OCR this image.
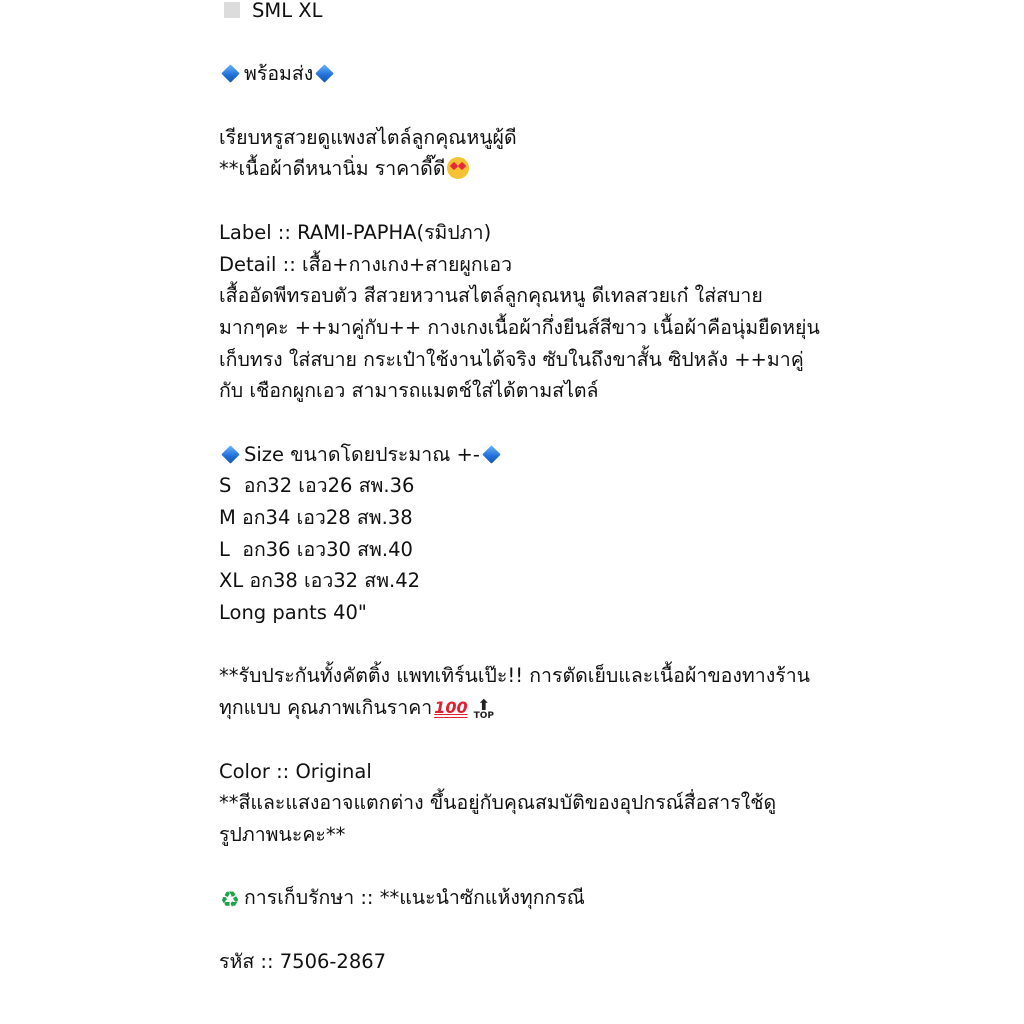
SML XL
พร้อมส่ง
เรียบหรูสวยดูแพงสไตล์ลูกคุณหนูผู้ดี
**เนื้อผ้าดีหนานิ่ม ราคาดี๊ดี
Label :: RAMI-PAPHA(รมิปภา)
Detail :: เสื้อ+กางเกง+สายผูกเอว
เสื้ออัดพีทรอบตัว สีสวยหวานสไตล์ลูกคุณหนู ดีเทลสวยเก๋ ใส่สบาย
มากๆคะ ++มาคู่กับ++ กางเกงเนื้อผ้ากึ่งยีนส์สีขาว เนื้อผ้าคือนุ่มยืดหยุ่น
เก็บทรง ใส่สบาย กระเป๋าใช้งานได้จริง ซับในถึงขาสั้น ซิปหลัง ++มาคู่
กับ เชือกผูกเอว สามารถแมตช์ใส่ได้ตามสไตล์
Size ขนาดโดยประมาณ +-
S  อก32 เอว26 สพ.36
M อก34 เอว28 สพ.38
L  อก36 เอว30 สพ.40
XL อก38 เอว32 สพ.42
Long pants 40"
**รับประกันทั้งคัตติ้ง แพทเทิร์นเป๊ะ!! การตัดเย็บและเนื้อผ้าของทางร้าน
ทุกแบบ คุณภาพเกินราคา 100 ⬆
TOP
Color :: Original
**สีและแสงอาจแตกต่าง ขึ้นอยู่กับคุณสมบัติของอุปกรณ์สื่อสารใช้ดู
รูปภาพนะคะ**
♻ การเก็บรักษา :: **แนะนำซักแห้งทุกกรณี
รหัส :: 7506-2867
